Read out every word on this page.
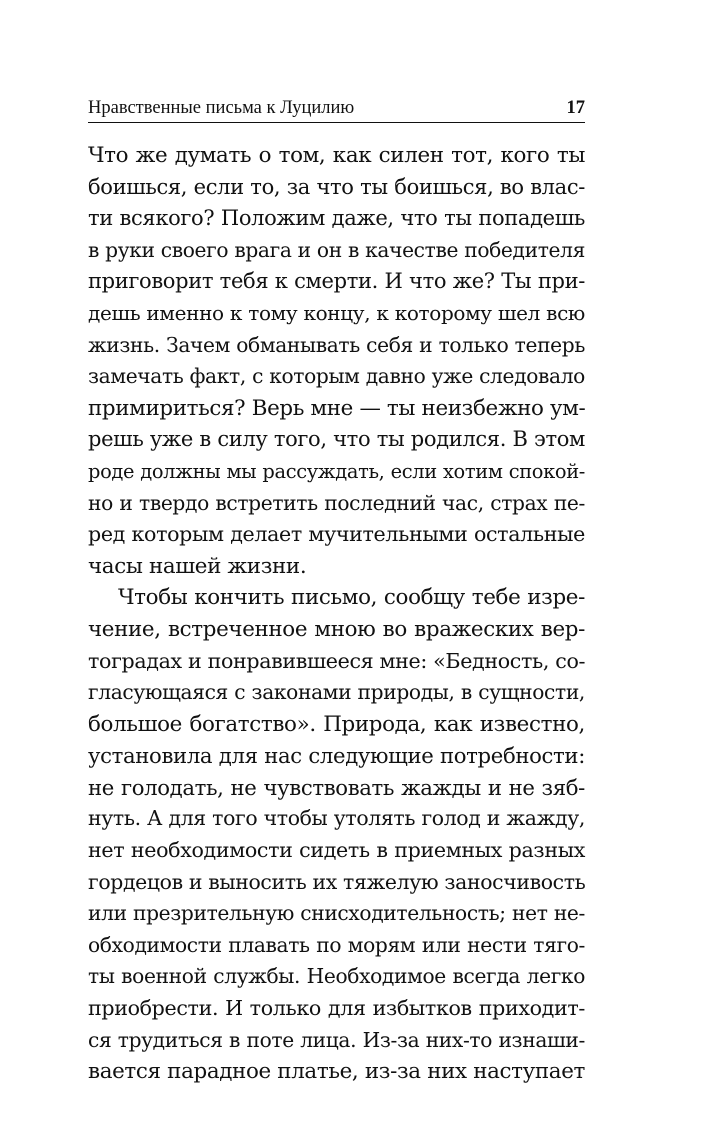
Нравственные письма к Луцилию	17
Что же думать о том, как силен тот, кого ты
боишься, если то, за что ты боишься, во влас-
ти всякого? Положим даже, что ты попадешь
в руки своего врага и он в качестве победителя
приговорит тебя к смерти. И что же? Ты при-
дешь именно к тому концу, к которому шел всю
жизнь. Зачем обманывать себя и только теперь
замечать факт, с которым давно уже следовало
примириться? Верь мне — ты неизбежно ум-
решь уже в силу того, что ты родился. В этом
роде должны мы рассуждать, если хотим спокой-
но и твердо встретить последний час, страх пе-
ред которым делает мучительными остальные
часы нашей жизни.
Чтобы кончить письмо, сообщу тебе изре-
чение, встреченное мною во вражеских вер-
тоградах и понравившееся мне: «Бедность, со-
гласующаяся с законами природы, в сущности,
большое богатство». Природа, как известно,
установила для нас следующие потребности:
не голодать, не чувствовать жажды и не зяб-
нуть. А для того чтобы утолять голод и жажду,
нет необходимости сидеть в приемных разных
гордецов и выносить их тяжелую заносчивость
или презрительную снисходительность; нет не-
обходимости плавать по морям или нести тяго-
ты военной службы. Необходимое всегда легко
приобрести. И только для избытков приходит-
ся трудиться в поте лица. Из-за них-то изнаши-
вается парадное платье, из-за них наступает
